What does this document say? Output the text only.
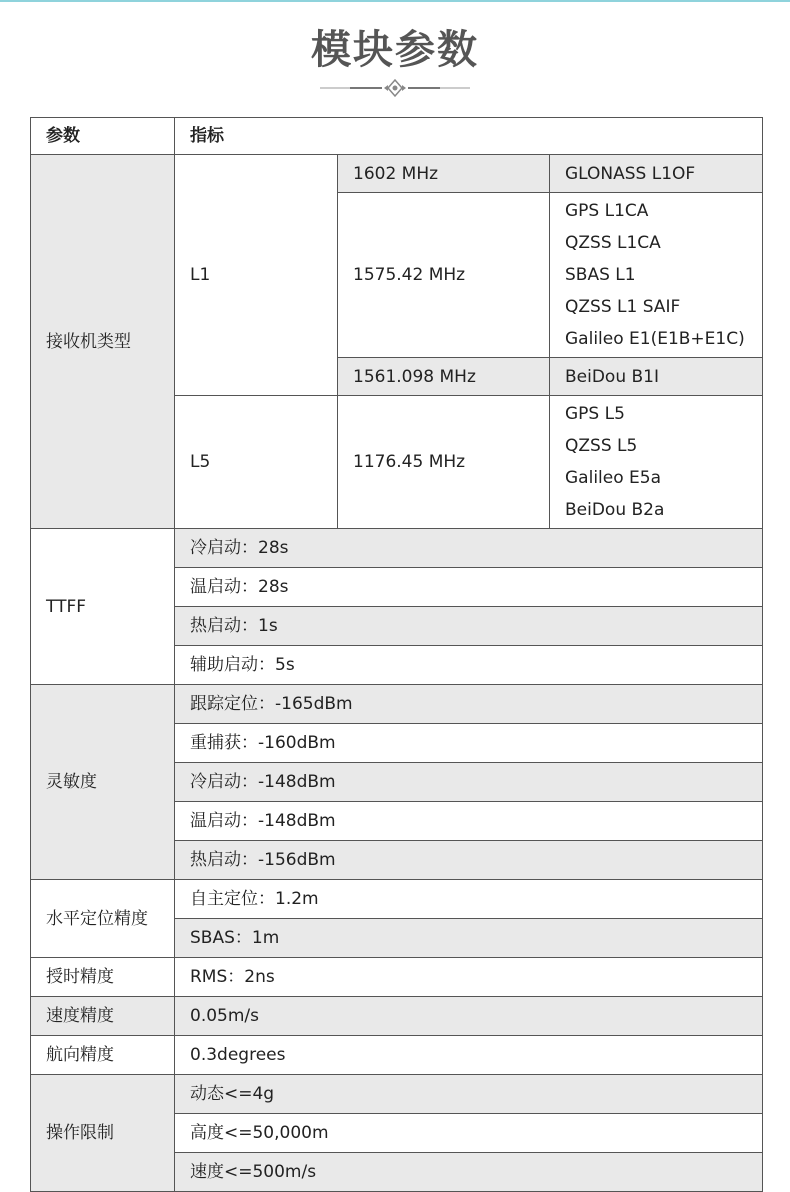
模块参数
参数	指标		
接收机类型	L1	1602 MHz	GLONASS L1OF

		1575.42 MHz	GPS L1CA
QZSS L1CA
SBAS L1
QZSS L1 SAIF
Galileo E1(E1B+E1C)

		1561.098 MHz	BeiDou B1I

	L5	1176.45 MHz	GPS L5
QZSS L5
Galileo E5a
BeiDou B2a

TTFF	冷启动：28s		
	温启动：28s		
	热启动：1s		
	辅助启动：5s		
灵敏度	跟踪定位：-165dBm		
	重捕获：-160dBm		
	冷启动：-148dBm		
	温启动：-148dBm		
	热启动：-156dBm		
水平定位精度	自主定位：1.2m		
	SBAS：1m		
授时精度	RMS：2ns		
速度精度	0.05m/s		
航向精度	0.3degrees		
操作限制	动态<=4g		
	高度<=50,000m		
	速度<=500m/s		
